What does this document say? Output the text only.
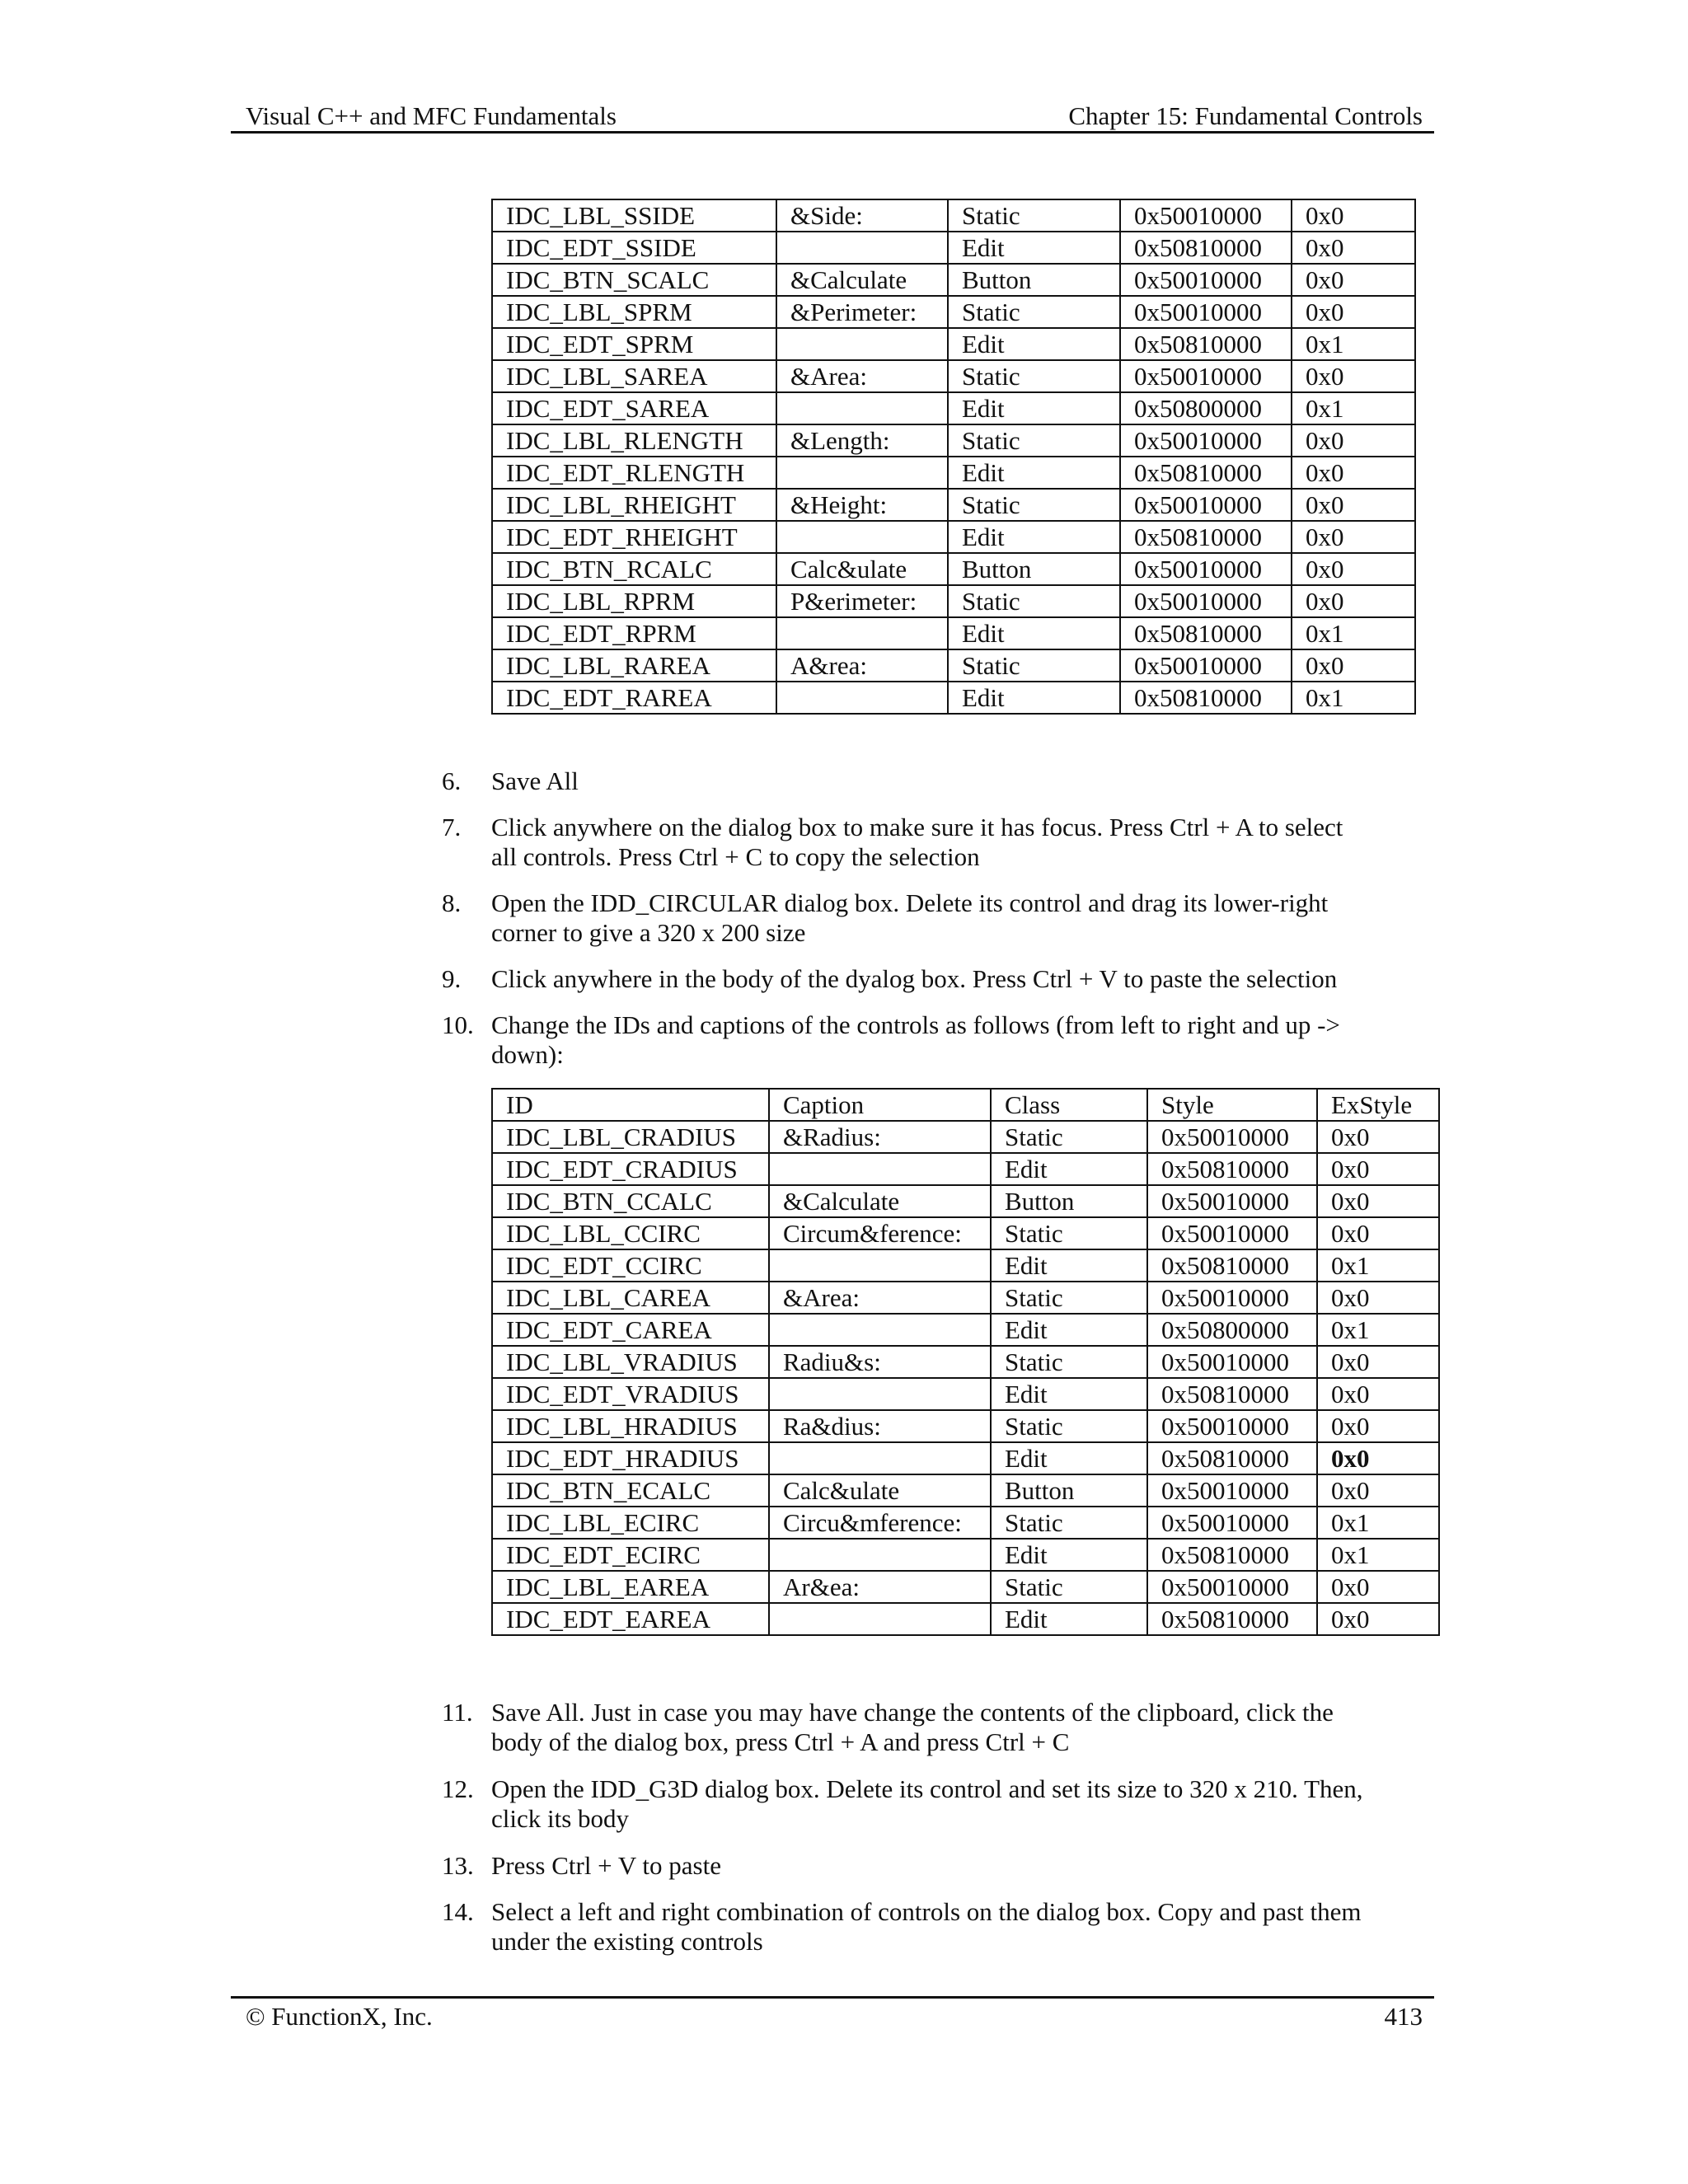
Visual C++ and MFC Fundamentals	Chapter 15: Fundamental Controls
IDC_LBL_SSIDE	&Side:	Static	0x50010000	0x0
IDC_EDT_SSIDE		Edit	0x50810000	0x0
IDC_BTN_SCALC	&Calculate	Button	0x50010000	0x0
IDC_LBL_SPRM	&Perimeter:	Static	0x50010000	0x0
IDC_EDT_SPRM		Edit	0x50810000	0x1
IDC_LBL_SAREA	&Area:	Static	0x50010000	0x0
IDC_EDT_SAREA		Edit	0x50800000	0x1
IDC_LBL_RLENGTH	&Length:	Static	0x50010000	0x0
IDC_EDT_RLENGTH		Edit	0x50810000	0x0
IDC_LBL_RHEIGHT	&Height:	Static	0x50010000	0x0
IDC_EDT_RHEIGHT		Edit	0x50810000	0x0
IDC_BTN_RCALC	Calc&ulate	Button	0x50010000	0x0
IDC_LBL_RPRM	P&erimeter:	Static	0x50010000	0x0
IDC_EDT_RPRM		Edit	0x50810000	0x1
IDC_LBL_RAREA	A&rea:	Static	0x50010000	0x0
IDC_EDT_RAREA		Edit	0x50810000	0x1
6. Save All
7. Click anywhere on the dialog box to make sure it has focus. Press Ctrl + A to select
all controls. Press Ctrl + C to copy the selection
8. Open the IDD_CIRCULAR dialog box. Delete its control and drag its lower-right
corner to give a 320 x 200 size
9. Click anywhere in the body of the dyalog box. Press Ctrl + V to paste the selection
10. Change the IDs and captions of the controls as follows (from left to right and up ->
down):
ID	Caption	Class	Style	ExStyle
IDC_LBL_CRADIUS	&Radius:	Static	0x50010000	0x0
IDC_EDT_CRADIUS		Edit	0x50810000	0x0
IDC_BTN_CCALC	&Calculate	Button	0x50010000	0x0
IDC_LBL_CCIRC	Circum&ference:	Static	0x50010000	0x0
IDC_EDT_CCIRC		Edit	0x50810000	0x1
IDC_LBL_CAREA	&Area:	Static	0x50010000	0x0
IDC_EDT_CAREA		Edit	0x50800000	0x1
IDC_LBL_VRADIUS	Radiu&s:	Static	0x50010000	0x0
IDC_EDT_VRADIUS		Edit	0x50810000	0x0
IDC_LBL_HRADIUS	Ra&dius:	Static	0x50010000	0x0
IDC_EDT_HRADIUS		Edit	0x50810000	0x0
IDC_BTN_ECALC	Calc&ulate	Button	0x50010000	0x0
IDC_LBL_ECIRC	Circu&mference:	Static	0x50010000	0x1
IDC_EDT_ECIRC		Edit	0x50810000	0x1
IDC_LBL_EAREA	Ar&ea:	Static	0x50010000	0x0
IDC_EDT_EAREA		Edit	0x50810000	0x0
11. Save All. Just in case you may have change the contents of the clipboard, click the
body of the dialog box, press Ctrl + A and press Ctrl + C
12. Open the IDD_G3D dialog box. Delete its control and set its size to 320 x 210. Then,
click its body
13. Press Ctrl + V to paste
14. Select a left and right combination of controls on the dialog box. Copy and past them
under the existing controls
© FunctionX, Inc.	413
